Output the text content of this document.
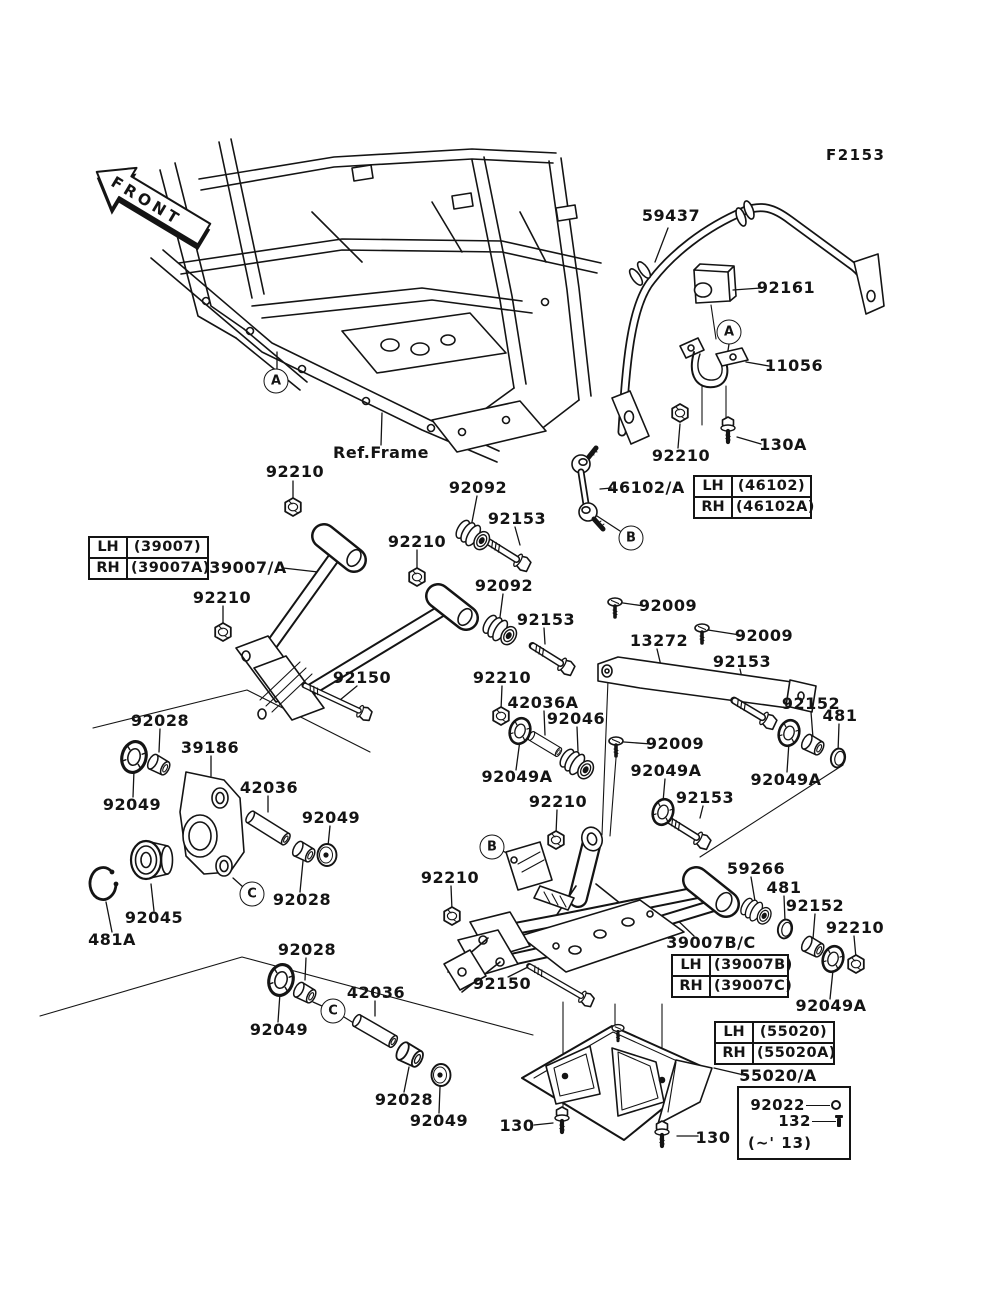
FRONT
F2153
LH (46102)
RH (46102A)
LH	(39007)
RH (39007A)
LH (39007B)
RH (39007C)
LH	(55020)
RH (55020A)
92022
132
(~' 13)
59437
92161
11056
130A
92210
46102/A
Ref.Frame
92210
92092
92153
92210
39007/A
92210
92092
92153
92009
13272	92009
92153
92152
481
92150	92210
42036A
92046
92009
92028
39186
92049A	92049A	92049A
92049
42036
92049
92210	92153
92210	59266
481
92152
92210
92028
92045
481A	39007B/C
92150
92028
92049A
92049
42036
55020/A
92028
92049 130
130
A
A
B
B
C
C
